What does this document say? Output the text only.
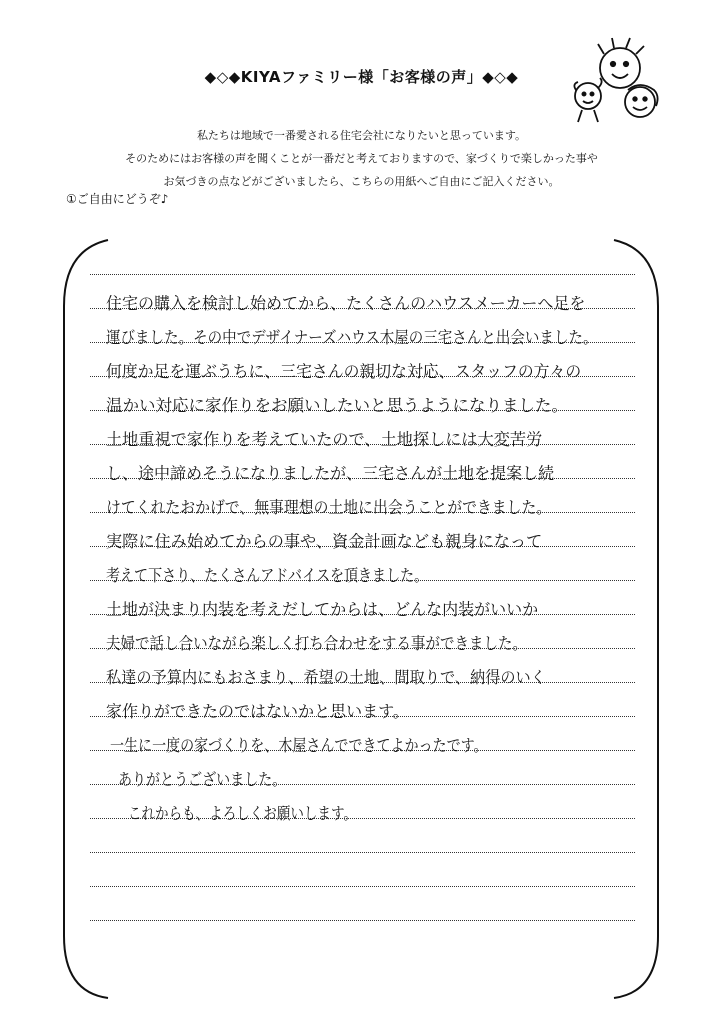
◆◇◆KIYAファミリー様「お客様の声」◆◇◆
私たちは地域で一番愛される住宅会社になりたいと思っています。
そのためにはお客様の声を聞くことが一番だと考えておりますので、家づくりで楽しかった事や
お気づきの点などがございましたら、こちらの用紙へご自由にご記入ください。
①ご自由にどうぞ♪
住宅の購入を検討し始めてから、たくさんのハウスメーカーへ足を
運びました。その中でデザイナーズハウス木屋の三宅さんと出会いました。
何度か足を運ぶうちに、三宅さんの親切な対応、スタッフの方々の
温かい対応に家作りをお願いしたいと思うようになりました。
土地重視で家作りを考えていたので、土地探しには大変苦労
し、途中諦めそうになりましたが、三宅さんが土地を提案し続
けてくれたおかげで、無事理想の土地に出会うことができました。
実際に住み始めてからの事や、資金計画なども親身になって
考えて下さり、たくさんアドバイスを頂きました。
土地が決まり内装を考えだしてからは、どんな内装がいいか
夫婦で話し合いながら楽しく打ち合わせをする事ができました。
私達の予算内にもおさまり、希望の土地、間取りで、納得のいく
家作りができたのではないかと思います。
一生に一度の家づくりを、木屋さんでできてよかったです。
ありがとうございました。
これからも、よろしくお願いします。
